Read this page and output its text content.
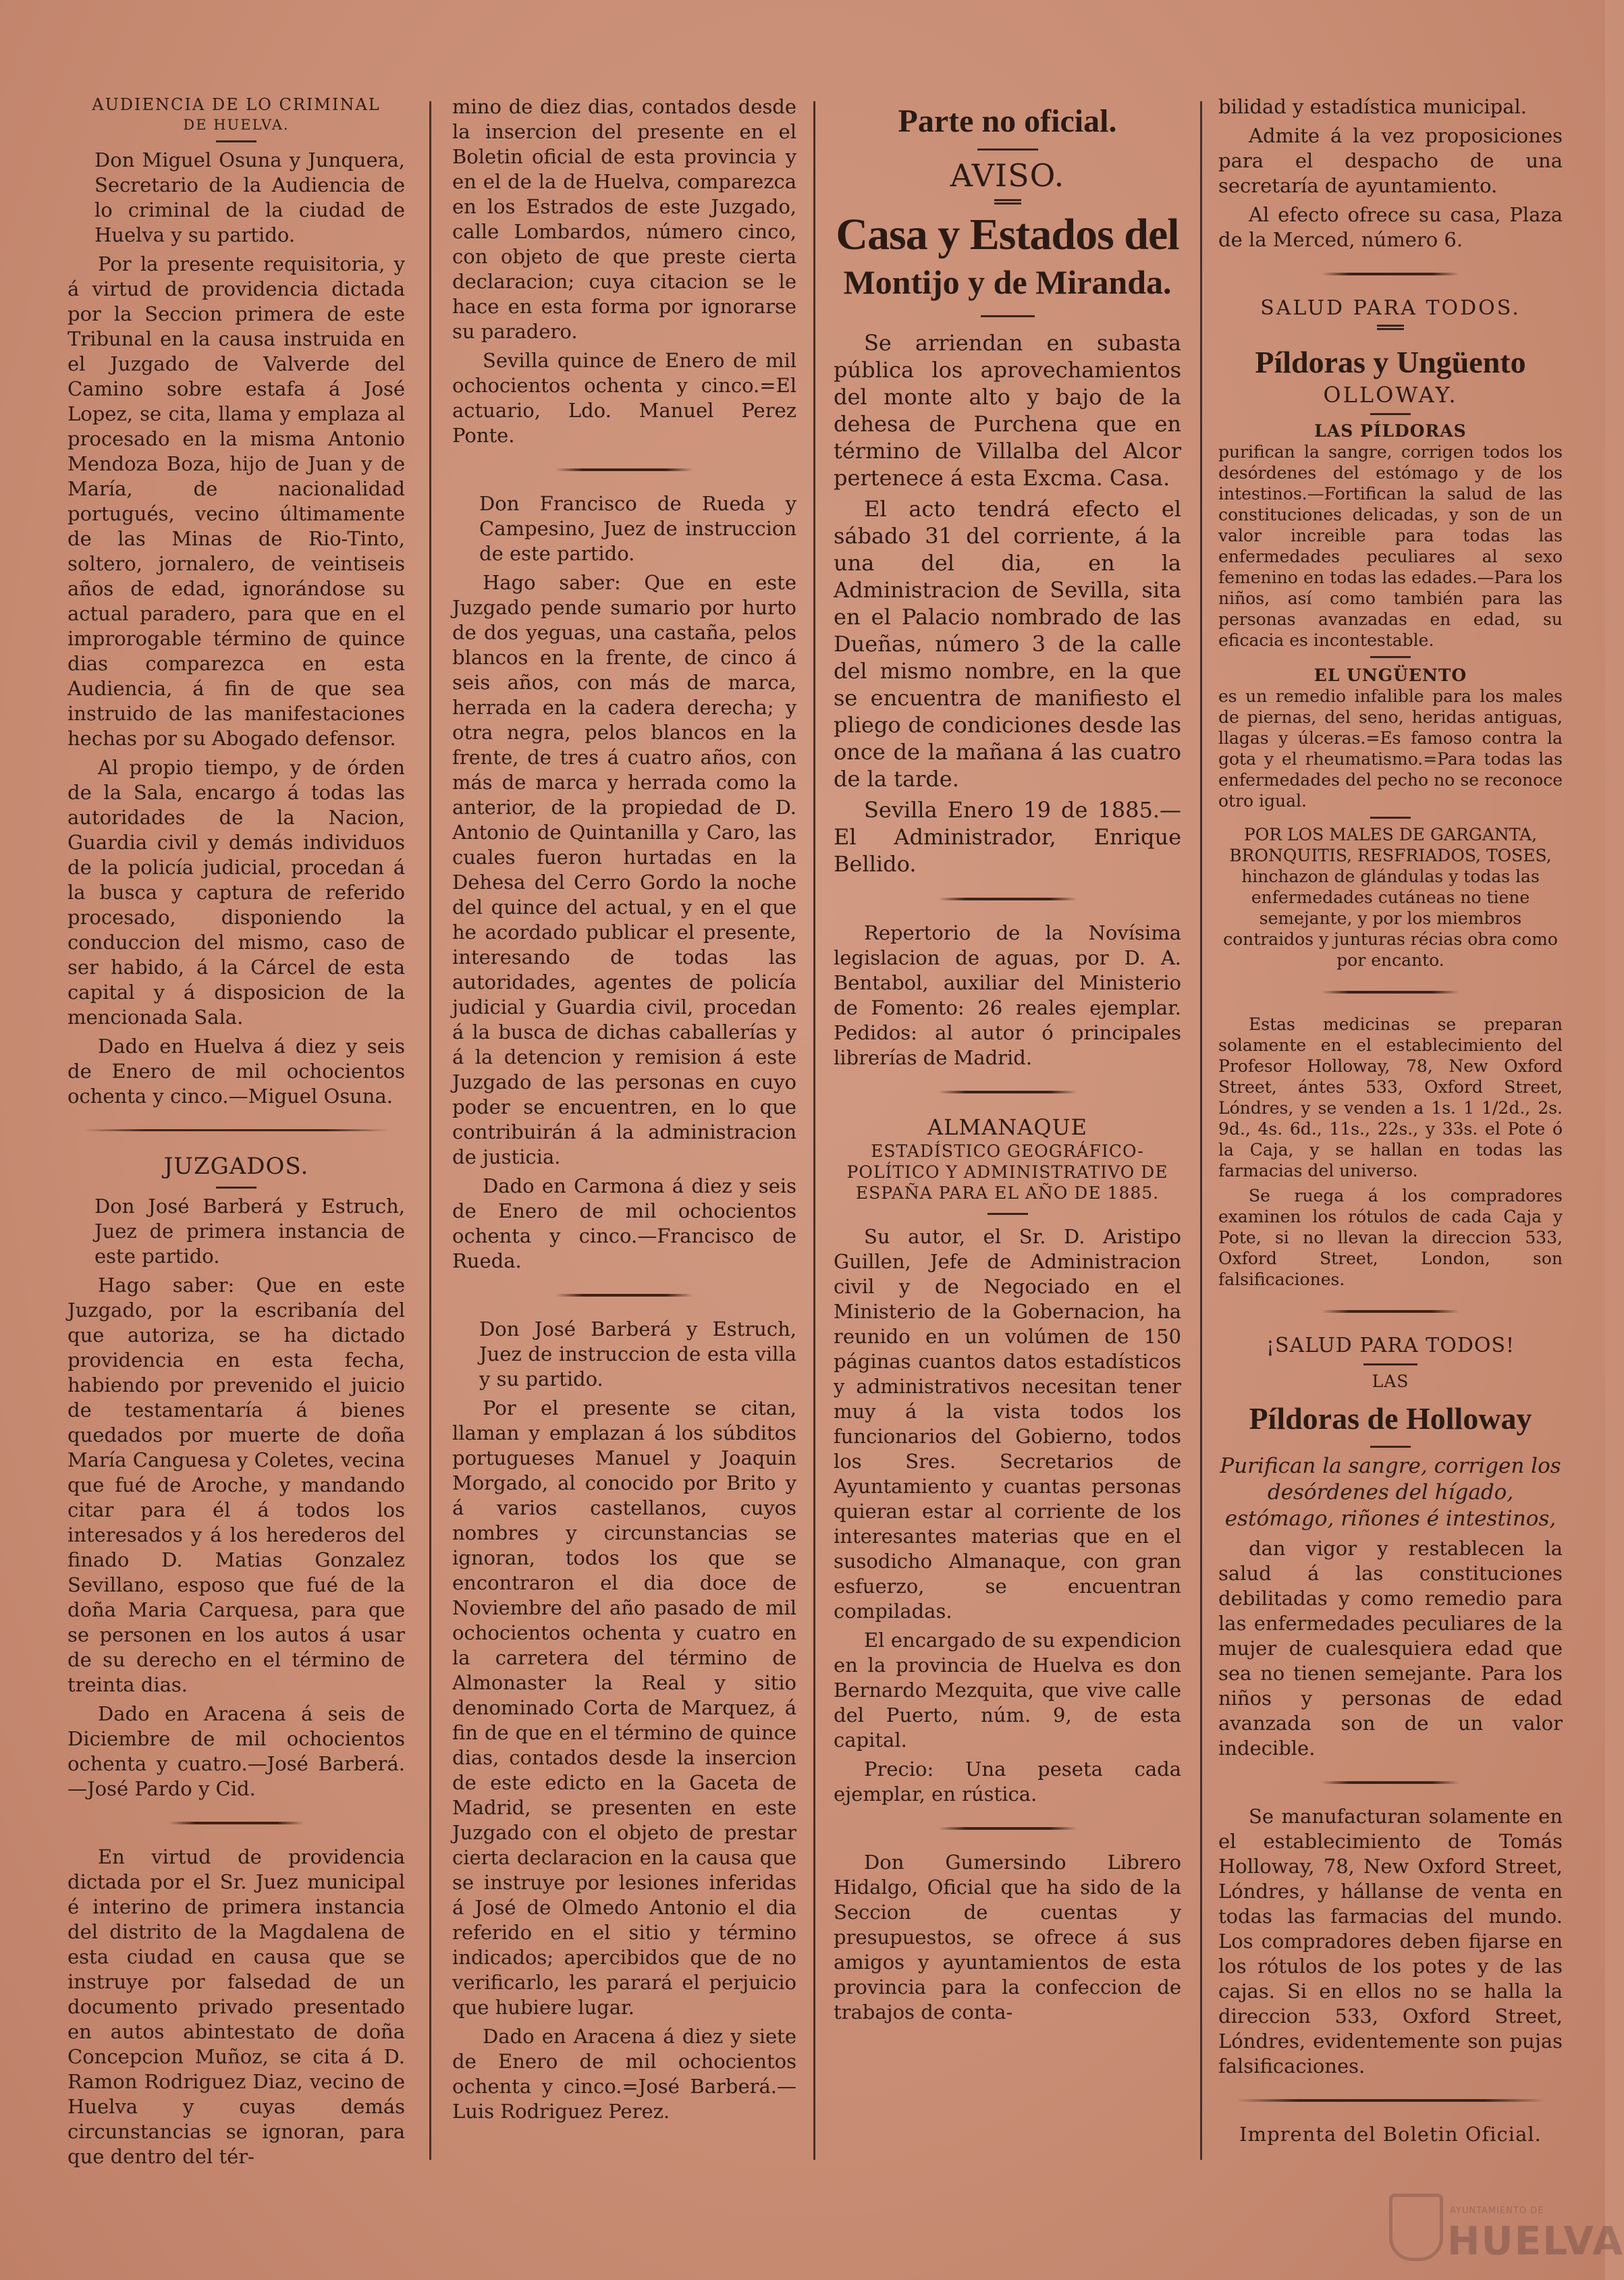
AUDIENCIA DE LO CRIMINAL
DE HUELVA.

Don Miguel Osuna y Junquera, Secretario de la Audiencia de lo criminal de la ciudad de Huelva y su partido.

Por la presente requisitoria, y á virtud de providencia dictada por la Seccion primera de este Tribunal en la causa instruida en el Juzgado de Valverde del Camino sobre estafa á José Lopez, se cita, llama y emplaza al procesado en la misma Antonio Mendoza Boza, hijo de Juan y de María, de nacionalidad portugués, vecino últimamente de las Minas de Rio-Tinto, soltero, jornalero, de veintiseis años de edad, ignorándose su actual paradero, para que en el improrogable término de quince dias comparezca en esta Audiencia, á fin de que sea instruido de las manifestaciones hechas por su Abogado defensor.

Al propio tiempo, y de órden de la Sala, encargo á todas las autoridades de la Nacion, Guardia civil y demás individuos de la policía judicial, procedan á la busca y captura de referido procesado, disponiendo la conduccion del mismo, caso de ser habido, á la Cárcel de esta capital y á disposicion de la mencionada Sala.

Dado en Huelva á diez y seis de Enero de mil ochocientos ochenta y cinco.—Miguel Osuna.

JUZGADOS.

Don José Barberá y Estruch, Juez de primera instancia de este partido.

Hago saber: Que en este Juzgado, por la escribanía del que autoriza, se ha dictado providencia en esta fecha, habiendo por prevenido el juicio de testamentaría á bienes quedados por muerte de doña María Canguesa y Coletes, vecina que fué de Aroche, y mandando citar para él á todos los interesados y á los herederos del finado D. Matias Gonzalez Sevillano, esposo que fué de la doña Maria Carquesa, para que se personen en los autos á usar de su derecho en el término de treinta dias.

Dado en Aracena á seis de Diciembre de mil ochocientos ochenta y cuatro.—José Barberá.—José Pardo y Cid.

En virtud de providencia dictada por el Sr. Juez municipal é interino de primera instancia del distrito de la Magdalena de esta ciudad en causa que se instruye por falsedad de un documento privado presentado en autos abintestato de doña Concepcion Muñoz, se cita á D. Ramon Rodriguez Diaz, vecino de Huelva y cuyas demás circunstancias se ignoran, para que dentro del tér-

mino de diez dias, contados desde la insercion del presente en el Boletin oficial de esta provincia y en el de la de Huelva, comparezca en los Estrados de este Juzgado, calle Lombardos, número cinco, con objeto de que preste cierta declaracion; cuya citacion se le hace en esta forma por ignorarse su paradero.

Sevilla quince de Enero de mil ochocientos ochenta y cinco.=El actuario, Ldo. Manuel Perez Ponte.

Don Francisco de Rueda y Campesino, Juez de instruccion de este partido.

Hago saber: Que en este Juzgado pende sumario por hurto de dos yeguas, una castaña, pelos blancos en la frente, de cinco á seis años, con más de marca, herrada en la cadera derecha; y otra negra, pelos blancos en la frente, de tres á cuatro años, con más de marca y herrada como la anterior, de la propiedad de D. Antonio de Quintanilla y Caro, las cuales fueron hurtadas en la Dehesa del Cerro Gordo la noche del quince del actual, y en el que he acordado publicar el presente, interesando de todas las autoridades, agentes de policía judicial y Guardia civil, procedan á la busca de dichas caballerías y á la detencion y remision á este Juzgado de las personas en cuyo poder se encuentren, en lo que contribuirán á la administracion de justicia.

Dado en Carmona á diez y seis de Enero de mil ochocientos ochenta y cinco.—Francisco de Rueda.

Don José Barberá y Estruch, Juez de instruccion de esta villa y su partido.

Por el presente se citan, llaman y emplazan á los súbditos portugueses Manuel y Joaquin Morgado, al conocido por Brito y á varios castellanos, cuyos nombres y circunstancias se ignoran, todos los que se encontraron el dia doce de Noviembre del año pasado de mil ochocientos ochenta y cuatro en la carretera del término de Almonaster la Real y sitio denominado Corta de Marquez, á fin de que en el término de quince dias, contados desde la insercion de este edicto en la Gaceta de Madrid, se presenten en este Juzgado con el objeto de prestar cierta declaracion en la causa que se instruye por lesiones inferidas á José de Olmedo Antonio el dia referido en el sitio y término indicados; apercibidos que de no verificarlo, les parará el perjuicio que hubiere lugar.

Dado en Aracena á diez y siete de Enero de mil ochocientos ochenta y cinco.=José Barberá.—Luis Rodriguez Perez.

Parte no oficial.
AVISO.
Casa y Estados del
Montijo y de Miranda.

Se arriendan en subasta pública los aprovechamientos del monte alto y bajo de la dehesa de Purchena que en término de Villalba del Alcor pertenece á esta Excma. Casa.

El acto tendrá efecto el sábado 31 del corriente, á la una del dia, en la Administracion de Sevilla, sita en el Palacio nombrado de las Dueñas, número 3 de la calle del mismo nombre, en la que se encuentra de manifiesto el pliego de condiciones desde las once de la mañana á las cuatro de la tarde.

Sevilla Enero 19 de 1885.—El Administrador, Enrique Bellido.

Repertorio de la Novísima legislacion de aguas, por D. A. Bentabol, auxiliar del Ministerio de Fomento: 26 reales ejemplar. Pedidos: al autor ó principales librerías de Madrid.

ALMANAQUE
ESTADÍSTICO GEOGRÁFICO-POLÍTICO Y ADMINISTRATIVO DE ESPAÑA PARA EL AÑO DE 1885.

Su autor, el Sr. D. Aristipo Guillen, Jefe de Administracion civil y de Negociado en el Ministerio de la Gobernacion, ha reunido en un volúmen de 150 páginas cuantos datos estadísticos y administrativos necesitan tener muy á la vista todos los funcionarios del Gobierno, todos los Sres. Secretarios de Ayuntamiento y cuantas personas quieran estar al corriente de los interesantes materias que en el susodicho Almanaque, con gran esfuerzo, se encuentran compiladas.

El encargado de su expendicion en la provincia de Huelva es don Bernardo Mezquita, que vive calle del Puerto, núm. 9, de esta capital.

Precio: Una peseta cada ejemplar, en rústica.

Don Gumersindo Librero Hidalgo, Oficial que ha sido de la Seccion de cuentas y presupuestos, se ofrece á sus amigos y ayuntamientos de esta provincia para la confeccion de trabajos de conta-

bilidad y estadística municipal.

Admite á la vez proposiciones para el despacho de una secretaría de ayuntamiento.

Al efecto ofrece su casa, Plaza de la Merced, número 6.

SALUD PARA TODOS.
Píldoras y Ungüento
OLLOWAY.
LAS PÍLDORAS

purifican la sangre, corrigen todos los desórdenes del estómago y de los intestinos.—Fortifican la salud de las constituciones delicadas, y son de un valor increible para todas las enfermedades peculiares al sexo femenino en todas las edades.—Para los niños, así como también para las personas avanzadas en edad, su eficacia es incontestable.

EL UNGÜENTO

es un remedio infalible para los males de piernas, del seno, heridas antiguas, llagas y úlceras.=Es famoso contra la gota y el rheumatismo.=Para todas las enfermedades del pecho no se reconoce otro igual.

POR LOS MALES DE GARGANTA, BRONQUITIS, RESFRIADOS, TOSES, hinchazon de glándulas y todas las enfermedades cutáneas no tiene semejante, y por los miembros contraidos y junturas récias obra como por encanto.

Estas medicinas se preparan solamente en el establecimiento del Profesor Holloway, 78, New Oxford Street, ántes 533, Oxford Street, Lóndres, y se venden a 1s. 1 1/2d., 2s. 9d., 4s. 6d., 11s., 22s., y 33s. el Pote ó la Caja, y se hallan en todas las farmacias del universo.

Se ruega á los compradores examinen los rótulos de cada Caja y Pote, si no llevan la direccion 533, Oxford Street, London, son falsificaciones.

¡SALUD PARA TODOS!
LAS
Píldoras de Holloway

Purifican la sangre, corrigen los desórdenes del hígado, estómago, riñones é intestinos,

dan vigor y restablecen la salud á las constituciones debilitadas y como remedio para las enfermedades peculiares de la mujer de cualesquiera edad que sea no tienen semejante. Para los niños y personas de edad avanzada son de un valor indecible.

Se manufacturan solamente en el establecimiento de Tomás Holloway, 78, New Oxford Street, Lóndres, y hállanse de venta en todas las farmacias del mundo. Los compradores deben fijarse en los rótulos de los potes y de las cajas. Si en ellos no se halla la direccion 533, Oxford Street, Lóndres, evidentemente son pujas falsificaciones.

Imprenta del Boletin Oficial.
AYUNTAMIENTO DE
HUELVA
